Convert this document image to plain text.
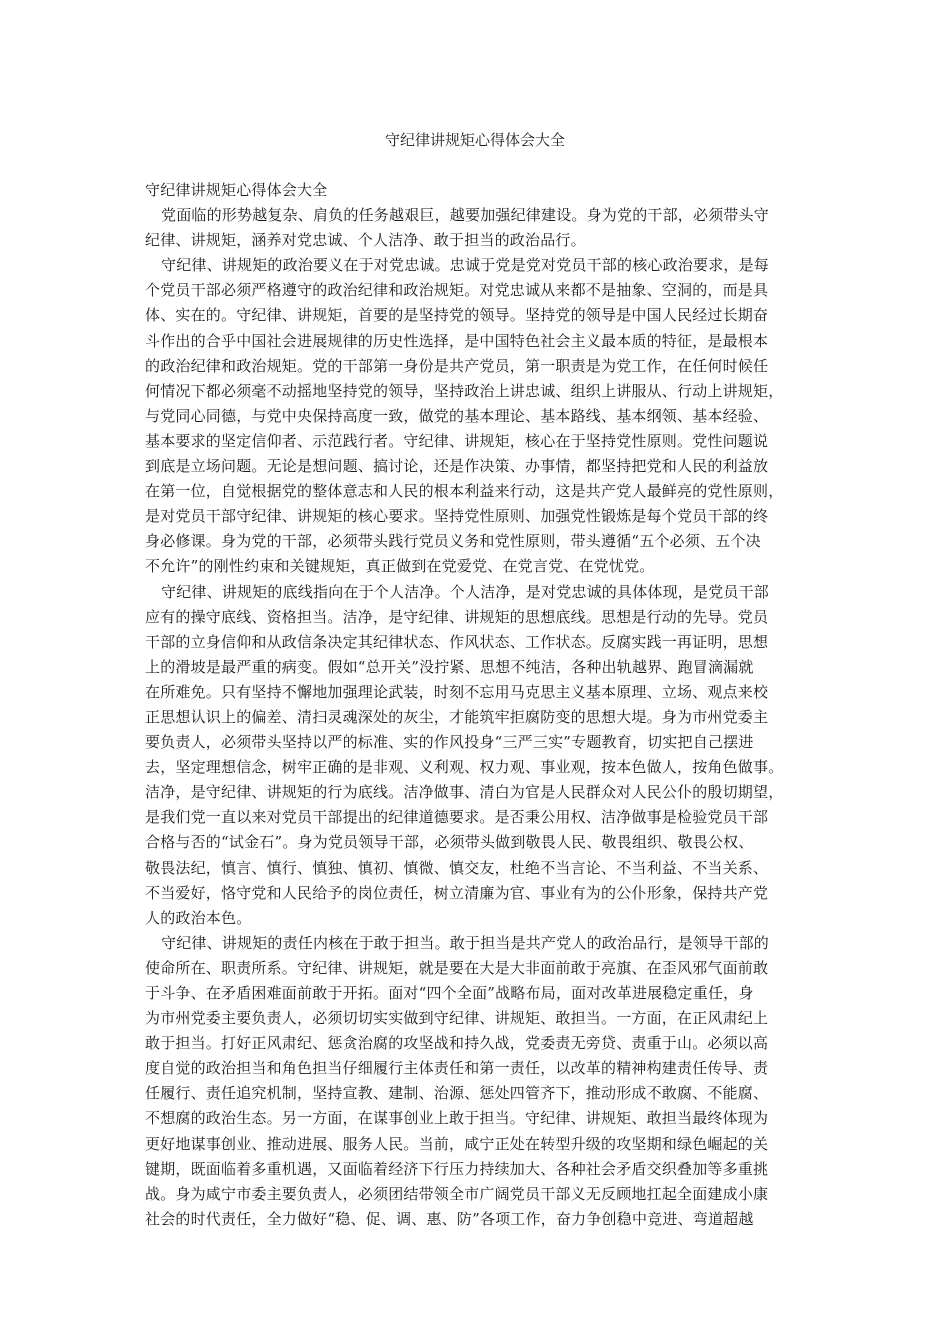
守纪律讲规矩心得体会大全
守纪律讲规矩心得体会大全
党面临的形势越复杂、肩负的任务越艰巨，越要加强纪律建设。身为党的干部，必须带头守
纪律、讲规矩，涵养对党忠诚、个人洁净、敢于担当的政治品行。
守纪律、讲规矩的政治要义在于对党忠诚。忠诚于党是党对党员干部的核心政治要求，是每
个党员干部必须严格遵守的政治纪律和政治规矩。对党忠诚从来都不是抽象、空洞的，而是具
体、实在的。守纪律、讲规矩，首要的是坚持党的领导。坚持党的领导是中国人民经过长期奋
斗作出的合乎中国社会进展规律的历史性选择，是中国特色社会主义最本质的特征，是最根本
的政治纪律和政治规矩。党的干部第一身份是共产党员，第一职责是为党工作，在任何时候任
何情况下都必须毫不动摇地坚持党的领导，坚持政治上讲忠诚、组织上讲服从、行动上讲规矩，
与党同心同德，与党中央保持高度一致，做党的基本理论、基本路线、基本纲领、基本经验、
基本要求的坚定信仰者、示范践行者。守纪律、讲规矩，核心在于坚持党性原则。党性问题说
到底是立场问题。无论是想问题、搞讨论，还是作决策、办事情，都坚持把党和人民的利益放
在第一位，自觉根据党的整体意志和人民的根本利益来行动，这是共产党人最鲜亮的党性原则，
是对党员干部守纪律、讲规矩的核心要求。坚持党性原则、加强党性锻炼是每个党员干部的终
身必修课。身为党的干部，必须带头践行党员义务和党性原则，带头遵循“五个必须、五个决
不允许”的刚性约束和关键规矩，真正做到在党爱党、在党言党、在党忧党。
守纪律、讲规矩的底线指向在于个人洁净。个人洁净，是对党忠诚的具体体现，是党员干部
应有的操守底线、资格担当。洁净，是守纪律、讲规矩的思想底线。思想是行动的先导。党员
干部的立身信仰和从政信条决定其纪律状态、作风状态、工作状态。反腐实践一再证明，思想
上的滑坡是最严重的病变。假如“总开关”没拧紧、思想不纯洁，各种出轨越界、跑冒滴漏就
在所难免。只有坚持不懈地加强理论武装，时刻不忘用马克思主义基本原理、立场、观点来校
正思想认识上的偏差、清扫灵魂深处的灰尘，才能筑牢拒腐防变的思想大堤。身为市州党委主
要负责人，必须带头坚持以严的标准、实的作风投身“三严三实”专题教育，切实把自己摆进
去，坚定理想信念，树牢正确的是非观、义利观、权力观、事业观，按本色做人，按角色做事。
洁净，是守纪律、讲规矩的行为底线。洁净做事、清白为官是人民群众对人民公仆的殷切期望，
是我们党一直以来对党员干部提出的纪律道德要求。是否秉公用权、洁净做事是检验党员干部
合格与否的“试金石”。身为党员领导干部，必须带头做到敬畏人民、敬畏组织、敬畏公权、
敬畏法纪，慎言、慎行、慎独、慎初、慎微、慎交友，杜绝不当言论、不当利益、不当关系、
不当爱好，恪守党和人民给予的岗位责任，树立清廉为官、事业有为的公仆形象，保持共产党
人的政治本色。
守纪律、讲规矩的责任内核在于敢于担当。敢于担当是共产党人的政治品行，是领导干部的
使命所在、职责所系。守纪律、讲规矩，就是要在大是大非面前敢于亮旗、在歪风邪气面前敢
于斗争、在矛盾困难面前敢于开拓。面对“四个全面”战略布局，面对改革进展稳定重任，身
为市州党委主要负责人，必须切切实实做到守纪律、讲规矩、敢担当。一方面，在正风肃纪上
敢于担当。打好正风肃纪、惩贪治腐的攻坚战和持久战，党委责无旁贷、责重于山。必须以高
度自觉的政治担当和角色担当仔细履行主体责任和第一责任，以改革的精神构建责任传导、责
任履行、责任追究机制，坚持宣教、建制、治源、惩处四管齐下，推动形成不敢腐、不能腐、
不想腐的政治生态。另一方面，在谋事创业上敢于担当。守纪律、讲规矩、敢担当最终体现为
更好地谋事创业、推动进展、服务人民。当前，咸宁正处在转型升级的攻坚期和绿色崛起的关
键期，既面临着多重机遇，又面临着经济下行压力持续加大、各种社会矛盾交织叠加等多重挑
战。身为咸宁市委主要负责人，必须团结带领全市广阔党员干部义无反顾地扛起全面建成小康
社会的时代责任，全力做好“稳、促、调、惠、防”各项工作，奋力争创稳中竞进、弯道超越
